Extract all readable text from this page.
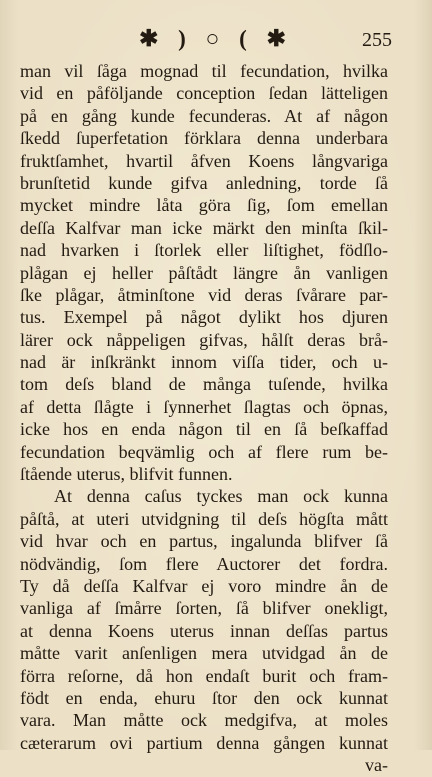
✱ ) ○ ( ✱	255
man vil ſåga mognad til fecundation, hvilka
vid en påföljande conception ſedan lätteligen
på en gång kunde fecunderas. At af någon
ſkedd ſuperfetation förklara denna underbara
fruktſamhet, hvartil åfven Koens långvariga
brunſtetid kunde gifva anledning, torde ſå
mycket mindre låta göra ſig, ſom emellan
deſſa Kalfvar man icke märkt den minſta ſkil-
nad hvarken i ſtorlek eller liſtighet, födſlo-
plågan ej heller påſtådt längre ån vanligen
ſke plågar, åtminſtone vid deras ſvårare par-
tus. Exempel på något dylikt hos djuren
lärer ock nåppeligen gifvas, hålſt deras brå-
nad är inſkränkt innom viſſa tider, och u-
tom deſs bland de många tuſende, hvilka
af detta ſlågte i ſynnerhet ſlagtas och öpnas,
icke hos en enda någon til en ſå beſkaffad
fecundation beqvämlig och af flere rum be-
ſtående uterus, blifvit funnen.
At denna caſus tyckes man ock kunna
påſtå, at uteri utvidgning til deſs högſta mått
vid hvar och en partus, ingalunda blifver ſå
nödvändig, ſom flere Auctorer det fordra.
Ty då deſſa Kalfvar ej voro mindre ån de
vanliga af ſmårre ſorten, ſå blifver onekligt,
at denna Koens uterus innan deſſas partus
måtte varit anſenligen mera utvidgad ån de
förra reſorne, då hon endaſt burit och fram-
födt en enda, ehuru ſtor den ock kunnat
vara. Man måtte ock medgifva, at moles
cæterarum ovi partium denna gången kunnat
va-
